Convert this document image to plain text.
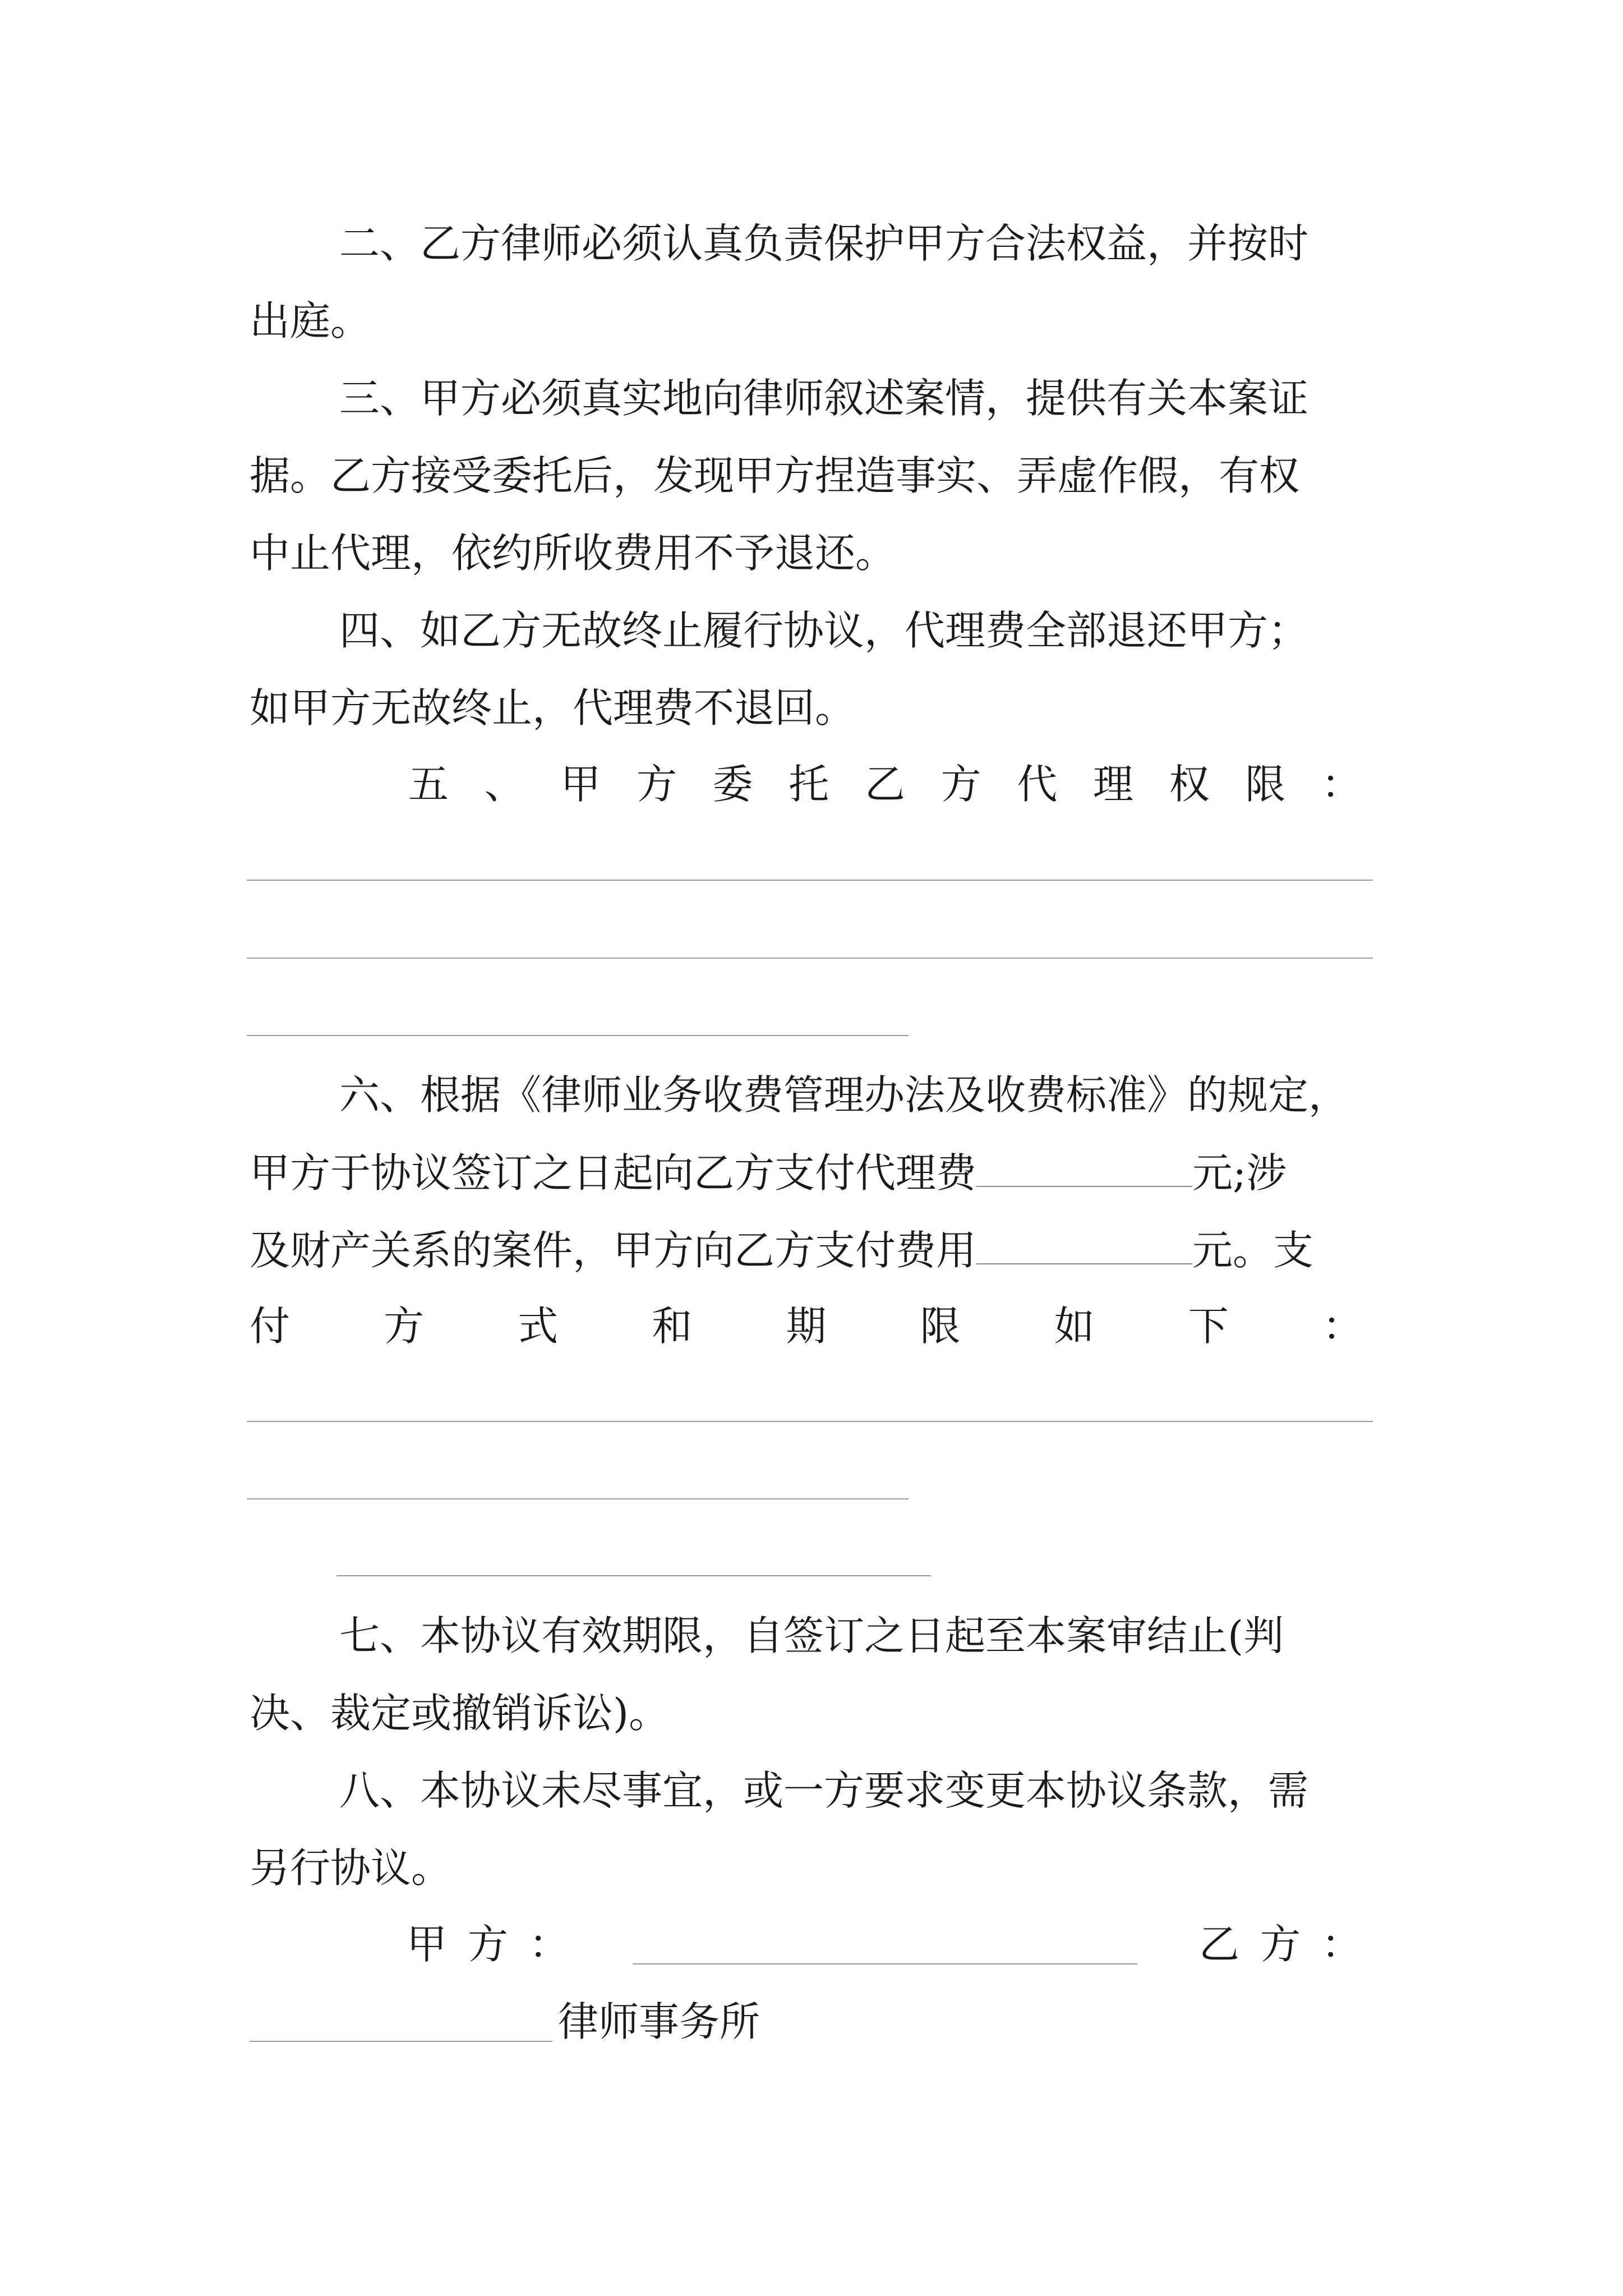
二、乙方律师必须认真负责保护甲方合法权益，并按时
出庭。
三、甲方必须真实地向律师叙述案情，提供有关本案证
据。乙方接受委托后，发现甲方捏造事实、弄虚作假，有权
中止代理，依约所收费用不予退还。
四、如乙方无故终止履行协议，代理费全部退还甲方；
如甲方无故终止，代理费不退回。
五 、 甲 方 委 托 乙 方 代 理 权 限 ：
六、根据《律师业务收费管理办法及收费标准》的规定，
甲方于协议签订之日起向乙方支付代理费	元;涉
及财产关系的案件，甲方向乙方支付费用	元。支
付 方 式 和 期 限 如 下 ：
七、本协议有效期限，自签订之日起至本案审结止(判
决、裁定或撤销诉讼)。
八、本协议未尽事宜，或一方要求变更本协议条款，需
另行协议。
甲 方 ：	乙 方 ：
律师事务所
